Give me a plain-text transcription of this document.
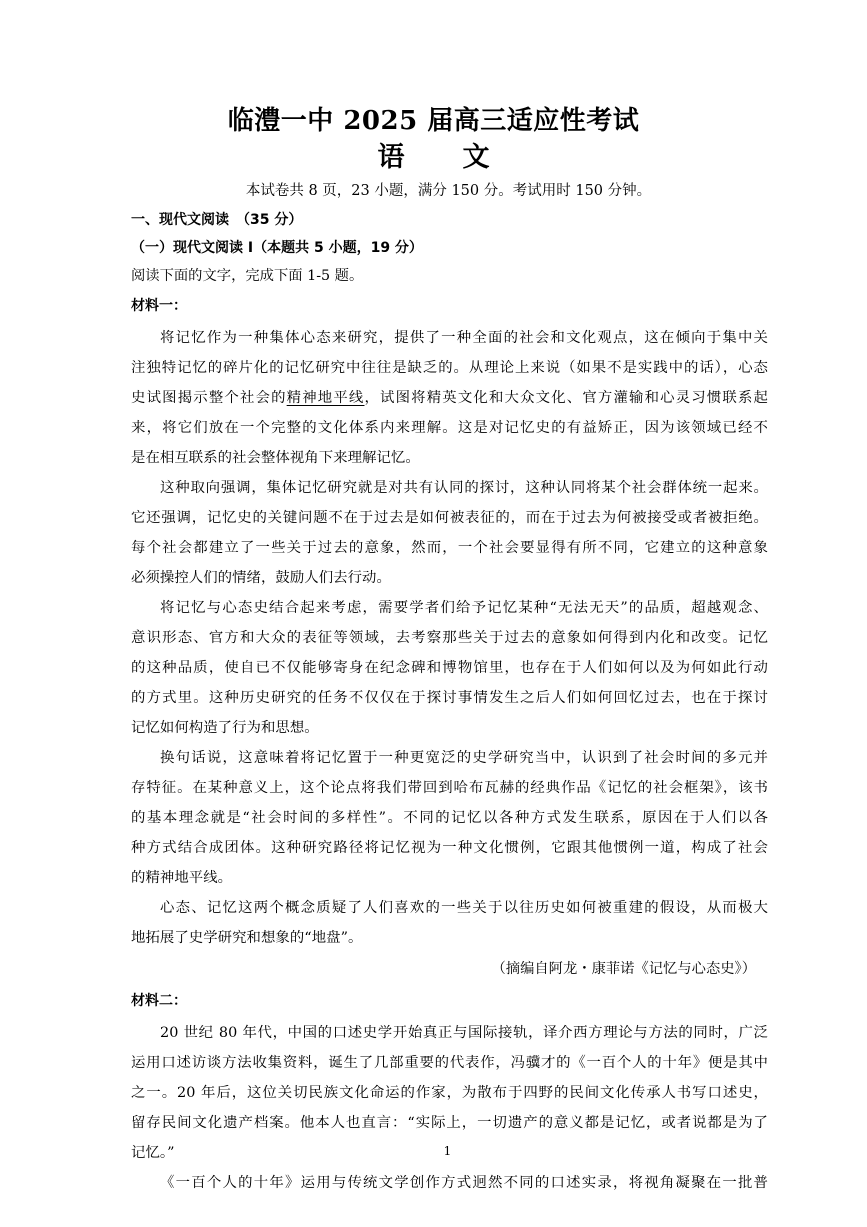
临澧一中 2025 届高三适应性考试
语 文
本试卷共 8 页，23 小题，满分 150 分。考试用时 150 分钟。
一、现代文阅读　（35 分）
（一）现代文阅读 I（本题共 5 小题，19 分）
阅读下面的文字，完成下面 1-5 题。
材料一：

将记忆作为一种集体心态来研究，提供了一种全面的社会和文化观点，这在倾向于集中关

注独特记忆的碎片化的记忆研究中往往是缺乏的。从理论上来说（如果不是实践中的话），心态

史试图揭示整个社会的精神地平线，试图将精英文化和大众文化、官方灌输和心灵习惯联系起

来，将它们放在一个完整的文化体系内来理解。这是对记忆史的有益矫正，因为该领域已经不

是在相互联系的社会整体视角下来理解记忆。

这种取向强调，集体记忆研究就是对共有认同的探讨，这种认同将某个社会群体统一起来。

它还强调，记忆史的关键问题不在于过去是如何被表征的，而在于过去为何被接受或者被拒绝。

每个社会都建立了一些关于过去的意象，然而，一个社会要显得有所不同，它建立的这种意象

必须操控人们的情绪，鼓励人们去行动。

将记忆与心态史结合起来考虑，需要学者们给予记忆某种“无法无天”的品质，超越观念、

意识形态、官方和大众的表征等领域，去考察那些关于过去的意象如何得到内化和改变。记忆

的这种品质，使自已不仅能够寄身在纪念碑和博物馆里，也存在于人们如何以及为何如此行动

的方式里。这种历史研究的任务不仅仅在于探讨事情发生之后人们如何回忆过去，也在于探讨

记忆如何构造了行为和思想。

换句话说，这意味着将记忆置于一种更宽泛的史学研究当中，认识到了社会时间的多元并

存特征。在某种意义上，这个论点将我们带回到哈布瓦赫的经典作品《记忆的社会框架》，该书

的基本理念就是“社会时间的多样性”。不同的记忆以各种方式发生联系，原因在于人们以各

种方式结合成团体。这种研究路径将记忆视为一种文化惯例，它跟其他惯例一道，构成了社会

的精神地平线。

心态、记忆这两个概念质疑了人们喜欢的一些关于以往历史如何被重建的假设，从而极大

地拓展了史学研究和想象的“地盘”。

（摘编自阿龙・康菲诺《记忆与心态史》）
材料二：

20 世纪 80 年代，中国的口述史学开始真正与国际接轨，译介西方理论与方法的同时，广泛

运用口述访谈方法收集资料，诞生了几部重要的代表作，冯骥才的《一百个人的十年》便是其中

之一。20 年后，这位关切民族文化命运的作家，为散布于四野的民间文化传承人书写口述史，

留存民间文化遗产档案。他本人也直言：“实际上，一切遗产的意义都是记忆，或者说都是为了

记忆。”

《一百个人的十年》运用与传统文学创作方式迥然不同的口述实录，将视角凝聚在一批普

1
